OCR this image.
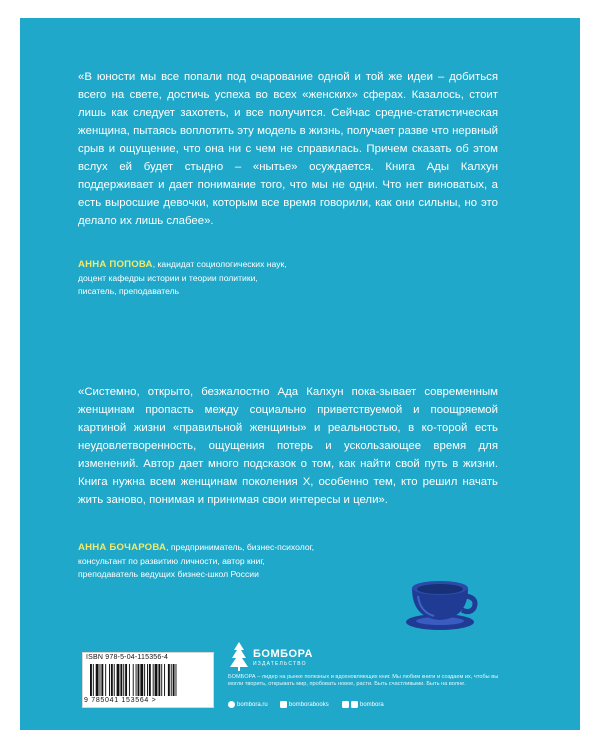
«В юности мы все попали под очарование одной и той же идеи – добиться всего на свете, достичь успеха во всех «женских» сферах. Казалось, стоит лишь как следует захотеть, и все получится. Сейчас средне-статистическая женщина, пытаясь воплотить эту модель в жизнь, получает разве что нервный срыв и ощущение, что она ни с чем не справилась. Причем сказать об этом вслух ей будет стыдно – «нытье» осуждается. Книга Ады Калхун поддерживает и дает понимание того, что мы не одни. Что нет виноватых, а есть выросшие девочки, которым все время говорили, как они сильны, но это делало их лишь слабее».

АННА ПОПОВА, кандидат социологических наук,
доцент кафедры истории и теории политики,
писатель, преподаватель

«Системно, открыто, безжалостно Ада Калхун пока-зывает современным женщинам пропасть между социально приветствуемой и поощряемой картиной жизни «правильной женщины» и реальностью, в ко-торой есть неудовлетворенность, ощущения потерь и ускользающее время для изменений. Автор дает много подсказок о том, как найти свой путь в жизни. Книга нужна всем женщинам поколения Х, особенно тем, кто решил начать жить заново, понимая и принимая свои интересы и цели».

АННА БОЧАРОВА, предприниматель, бизнес-психолог,
консультант по развитию личности, автор книг,
преподаватель ведущих бизнес-школ России
ISBN 978-5-04-115356-4
9 785041 153564 >
БОМБОРА
ИЗДАТЕЛЬСТВО
БОМБОРА – лидер на рынке полезных и вдохновляющих книг. Мы любим книги и создаем их, чтобы вы могли творить, открывать мир, пробовать новое, расти. Быть счастливыми. Быть на волне.
bombora.ru	bomborabooks	bombora
